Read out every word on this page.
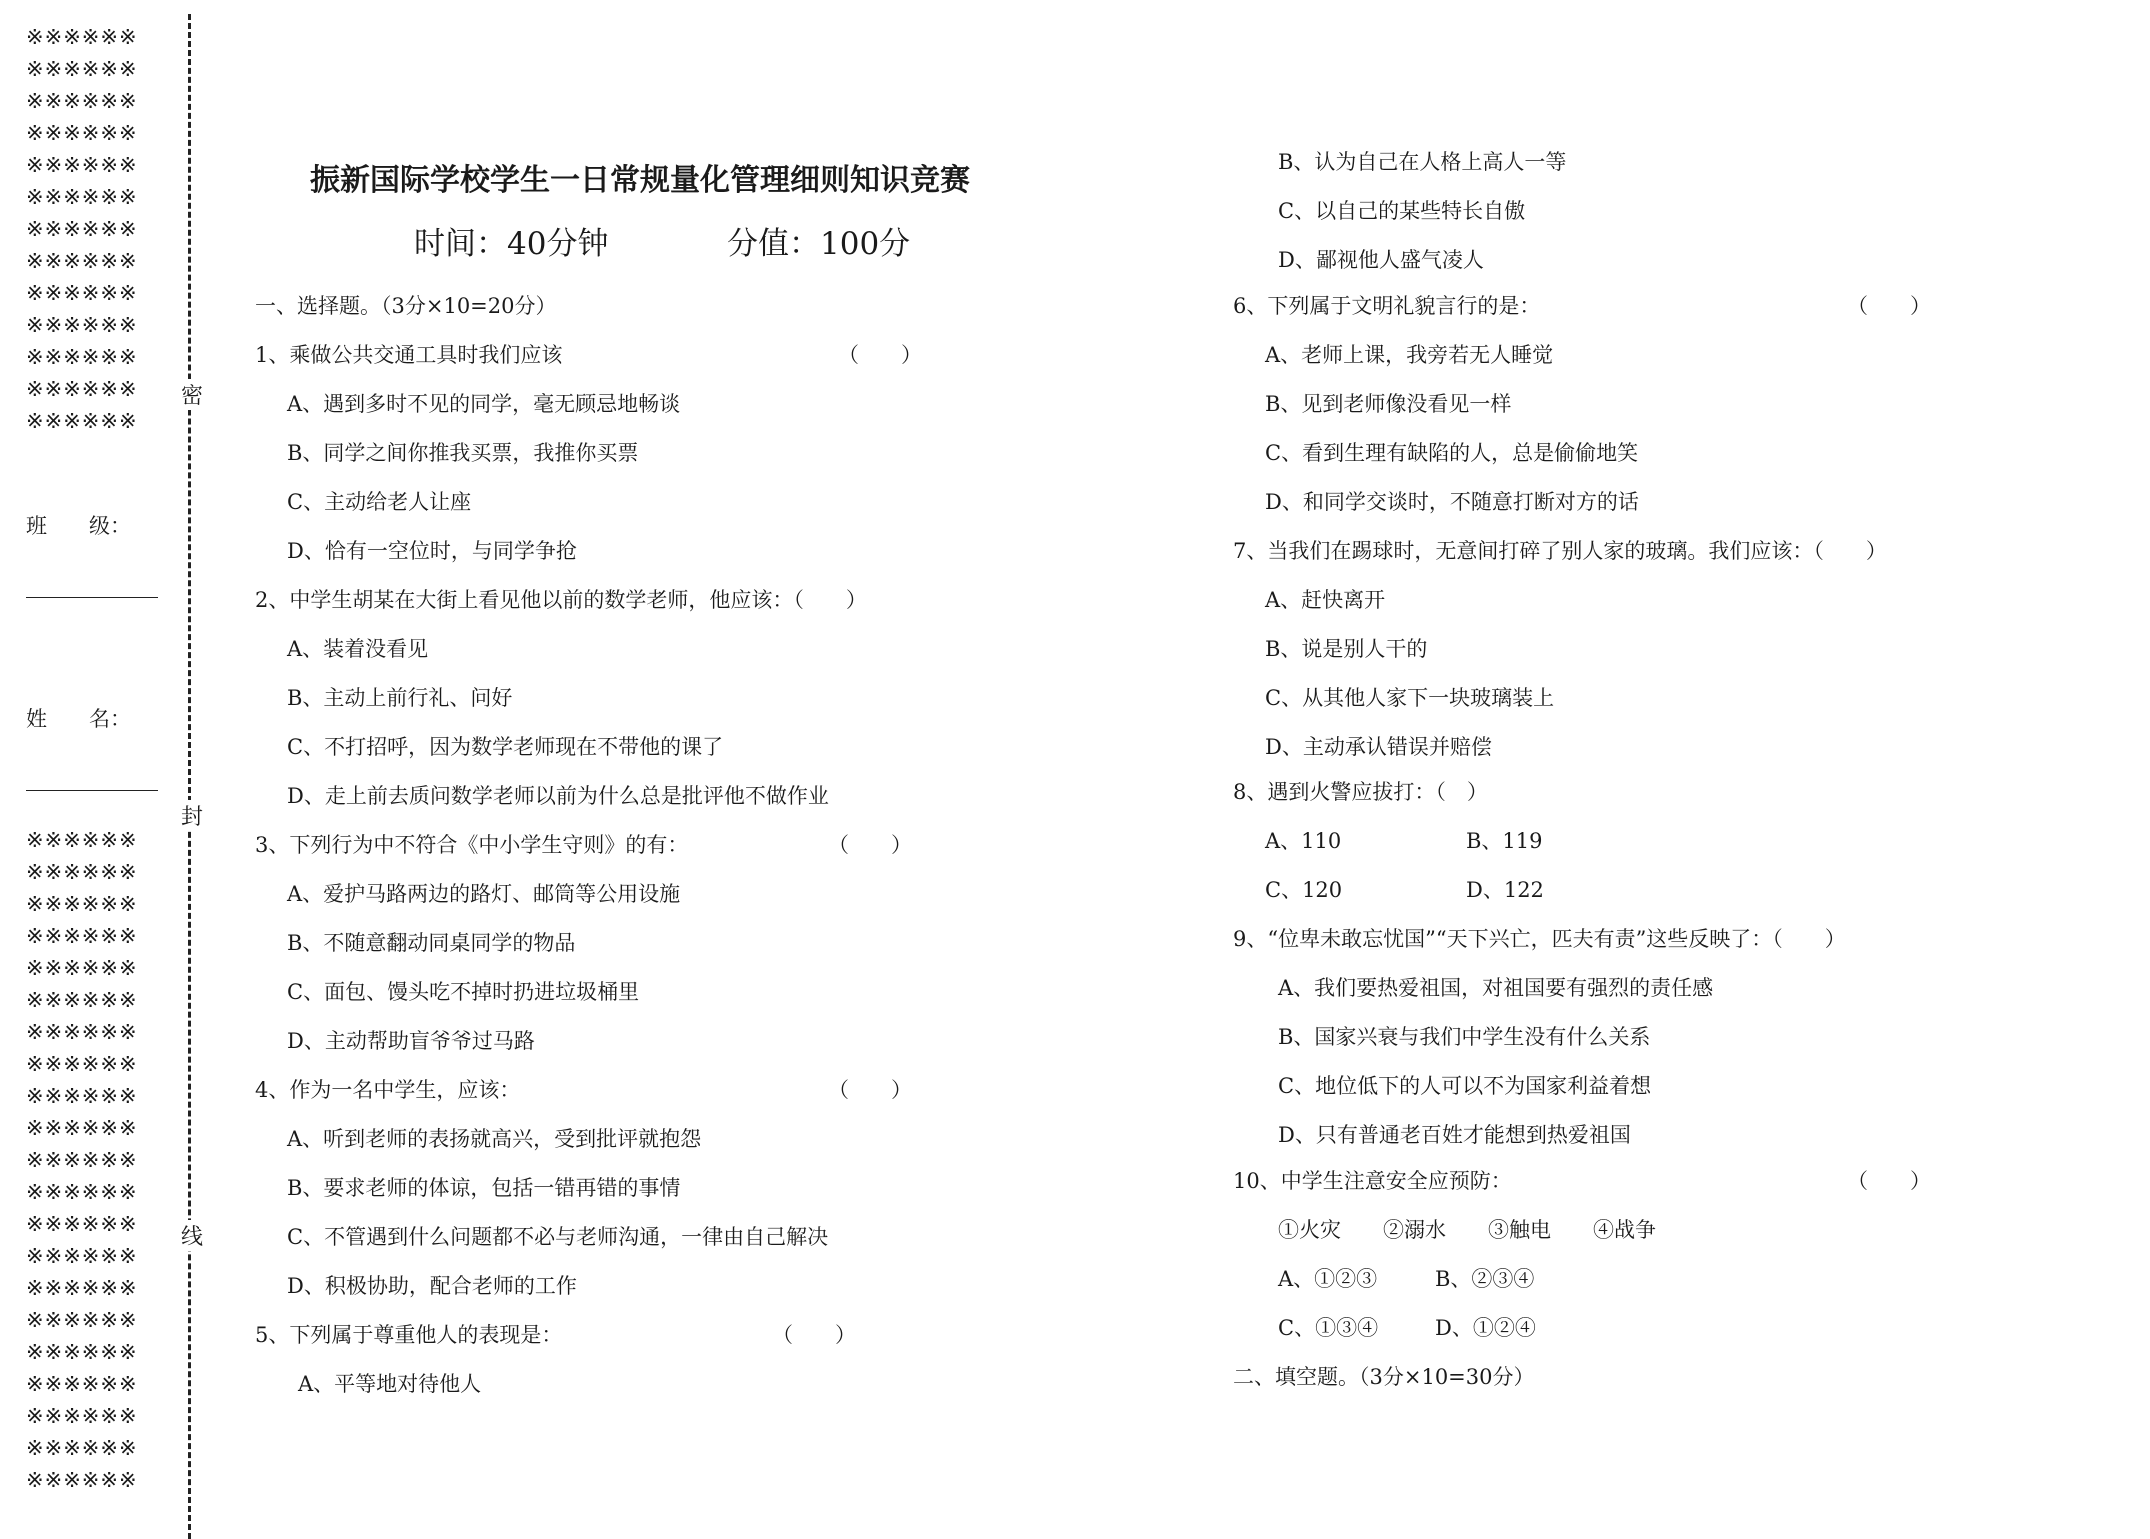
※※※※※※
※※※※※※
※※※※※※
※※※※※※
※※※※※※
※※※※※※
※※※※※※
※※※※※※
※※※※※※
※※※※※※
※※※※※※
※※※※※※
※※※※※※
班　　级：
姓　　名：
※※※※※※
※※※※※※
※※※※※※
※※※※※※
※※※※※※
※※※※※※
※※※※※※
※※※※※※
※※※※※※
※※※※※※
※※※※※※
※※※※※※
※※※※※※
※※※※※※
※※※※※※
※※※※※※
※※※※※※
※※※※※※
※※※※※※
※※※※※※
※※※※※※
密
封
线
振新国际学校学生一日常规量化管理细则知识竞赛
时间：40分钟	分值：100分
一、选择题。（3分×10=20分）
1、乘做公共交通工具时我们应该	（　　）
A、遇到多时不见的同学，毫无顾忌地畅谈
B、同学之间你推我买票，我推你买票
C、主动给老人让座
D、恰有一空位时，与同学争抢
2、中学生胡某在大街上看见他以前的数学老师，他应该：（　　）
A、装着没看见
B、主动上前行礼、问好
C、不打招呼，因为数学老师现在不带他的课了
D、走上前去质问数学老师以前为什么总是批评他不做作业
3、下列行为中不符合《中小学生守则》的有：	（　　）
A、爱护马路两边的路灯、邮筒等公用设施
B、不随意翻动同桌同学的物品
C、面包、馒头吃不掉时扔进垃圾桶里
D、主动帮助盲爷爷过马路
4、作为一名中学生，应该：	（　　）
A、听到老师的表扬就高兴，受到批评就抱怨
B、要求老师的体谅，包括一错再错的事情
C、不管遇到什么问题都不必与老师沟通，一律由自己解决
D、积极协助，配合老师的工作
5、下列属于尊重他人的表现是：	（　　）
A、平等地对待他人
B、认为自己在人格上高人一等
C、以自己的某些特长自傲
D、鄙视他人盛气凌人
6、下列属于文明礼貌言行的是：	（　　）
A、老师上课，我旁若无人睡觉
B、见到老师像没看见一样
C、看到生理有缺陷的人，总是偷偷地笑
D、和同学交谈时，不随意打断对方的话
7、当我们在踢球时，无意间打碎了别人家的玻璃。我们应该：（　　）
A、赶快离开
B、说是别人干的
C、从其他人家下一块玻璃装上
D、主动承认错误并赔偿
8、遇到火警应拔打：（　）
A、110	B、119
C、120	D、122
9、“位卑未敢忘忧国”“天下兴亡，匹夫有责”这些反映了：（　　）
A、我们要热爱祖国，对祖国要有强烈的责任感
B、国家兴衰与我们中学生没有什么关系
C、地位低下的人可以不为国家利益着想
D、只有普通老百姓才能想到热爱祖国
10、中学生注意安全应预防：	（　　）
①火灾　　②溺水　　③触电　　④战争
A、①②③	B、②③④
C、①③④	D、①②④
二、填空题。（3分×10=30分）
